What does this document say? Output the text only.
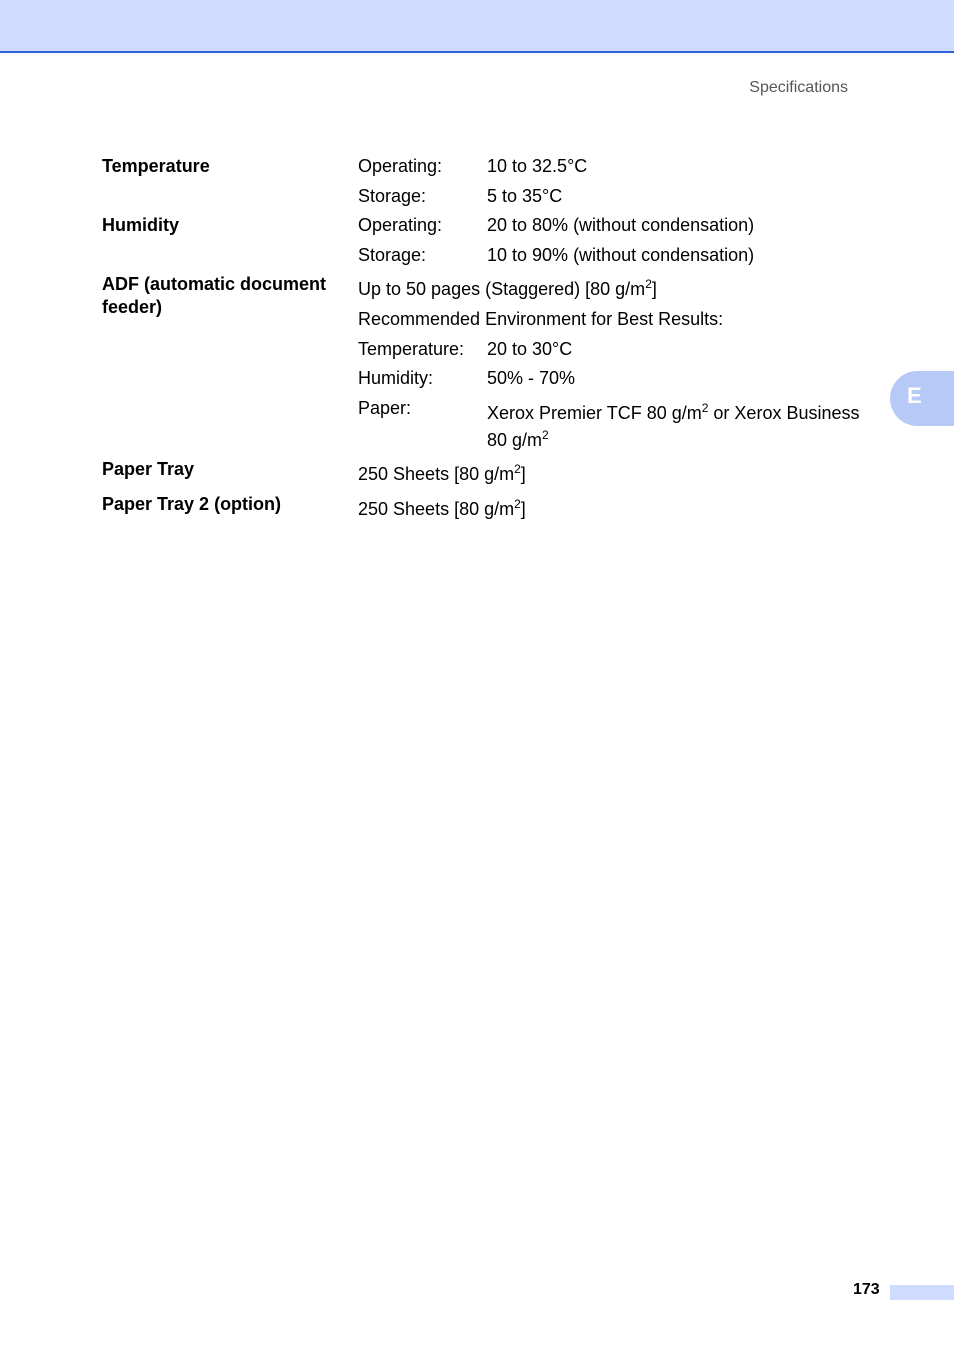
Specifications
E
Temperature	Operating: 10 to 32.5°C
Storage:	5 to 35°C
Humidity	Operating: 20 to 80% (without condensation)
Storage:	10 to 90% (without condensation)
ADF (automatic document
feeder)
Up to 50 pages (Staggered) [80 $g/m^2$]
Recommended Environment for Best Results:
Temperature: 20 to 30°C
Humidity:	50% - 70%
Paper:	Xerox Premier TCF 80 $g/m^2$ or Xerox Business
80 $g/m^2$
Paper Tray	250 Sheets [80 $g/m^2$]
Paper Tray 2 (option)	250 Sheets [80 $g/m^2$]
173
